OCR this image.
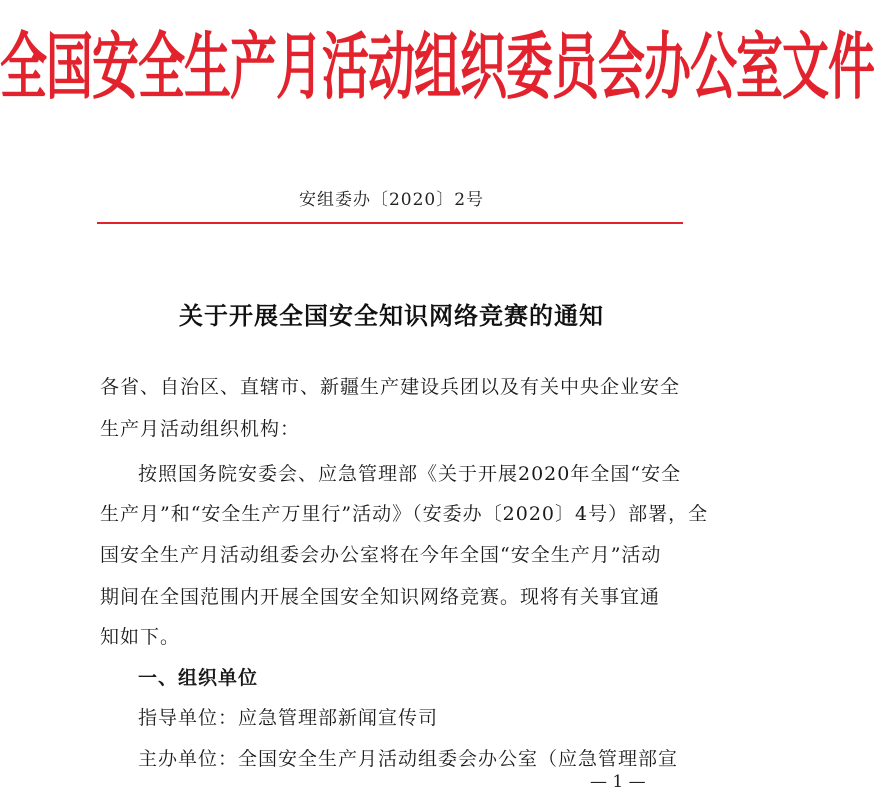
全国安全生产月活动组织委员会办公室文件
安组委办〔2020〕2号
关于开展全国安全知识网络竞赛的通知
各省、自治区、直辖市、新疆生产建设兵团以及有关中央企业安全
生产月活动组织机构：
按照国务院安委会、应急管理部《关于开展2020年全国“安全
生产月”和“安全生产万里行”活动》（安委办〔2020〕4号）部署，全
国安全生产月活动组委会办公室将在今年全国“安全生产月”活动
期间在全国范围内开展全国安全知识网络竞赛。现将有关事宜通
知如下。
一、组织单位
指导单位：应急管理部新闻宣传司
主办单位：全国安全生产月活动组委会办公室（应急管理部宣
— 1 —
